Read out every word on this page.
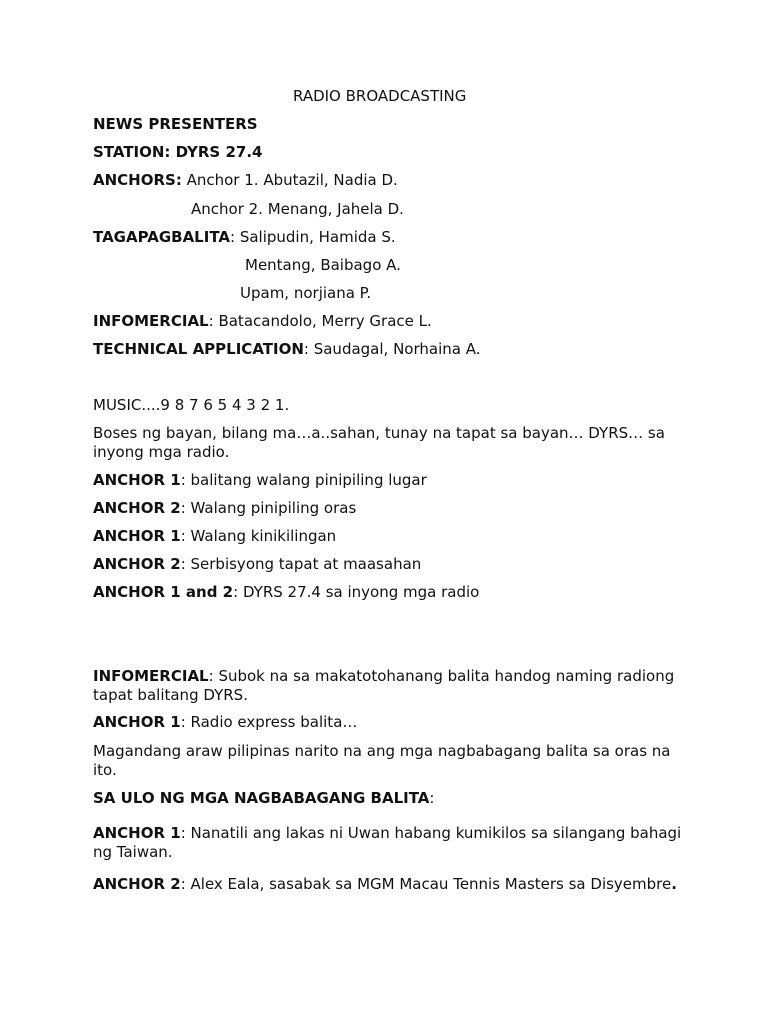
RADIO BROADCASTING
NEWS PRESENTERS
STATION: DYRS 27.4
ANCHORS: Anchor 1. Abutazil, Nadia D.
Anchor 2. Menang, Jahela D.
TAGAPAGBALITA: Salipudin, Hamida S.
Mentang, Baibago A.
Upam, norjiana P.
INFOMERCIAL: Batacandolo, Merry Grace L.
TECHNICAL APPLICATION: Saudagal, Norhaina A.
MUSIC....9 8 7 6 5 4 3 2 1.
Boses ng bayan, bilang ma…a..sahan, tunay na tapat sa bayan… DYRS… sa inyong mga radio.
ANCHOR 1: balitang walang pinipiling lugar
ANCHOR 2: Walang pinipiling oras
ANCHOR 1: Walang kinikilingan
ANCHOR 2: Serbisyong tapat at maasahan
ANCHOR 1 and 2: DYRS 27.4 sa inyong mga radio
INFOMERCIAL: Subok na sa makatotohanang balita handog naming radiong tapat balitang DYRS.
ANCHOR 1: Radio express balita…
Magandang araw pilipinas narito na ang mga nagbabagang balita sa oras na ito.
SA ULO NG MGA NAGBABAGANG BALITA:
ANCHOR 1: Nanatili ang lakas ni Uwan habang kumikilos sa silangang bahagi ng Taiwan.
ANCHOR 2: Alex Eala, sasabak sa MGM Macau Tennis Masters sa Disyembre.
